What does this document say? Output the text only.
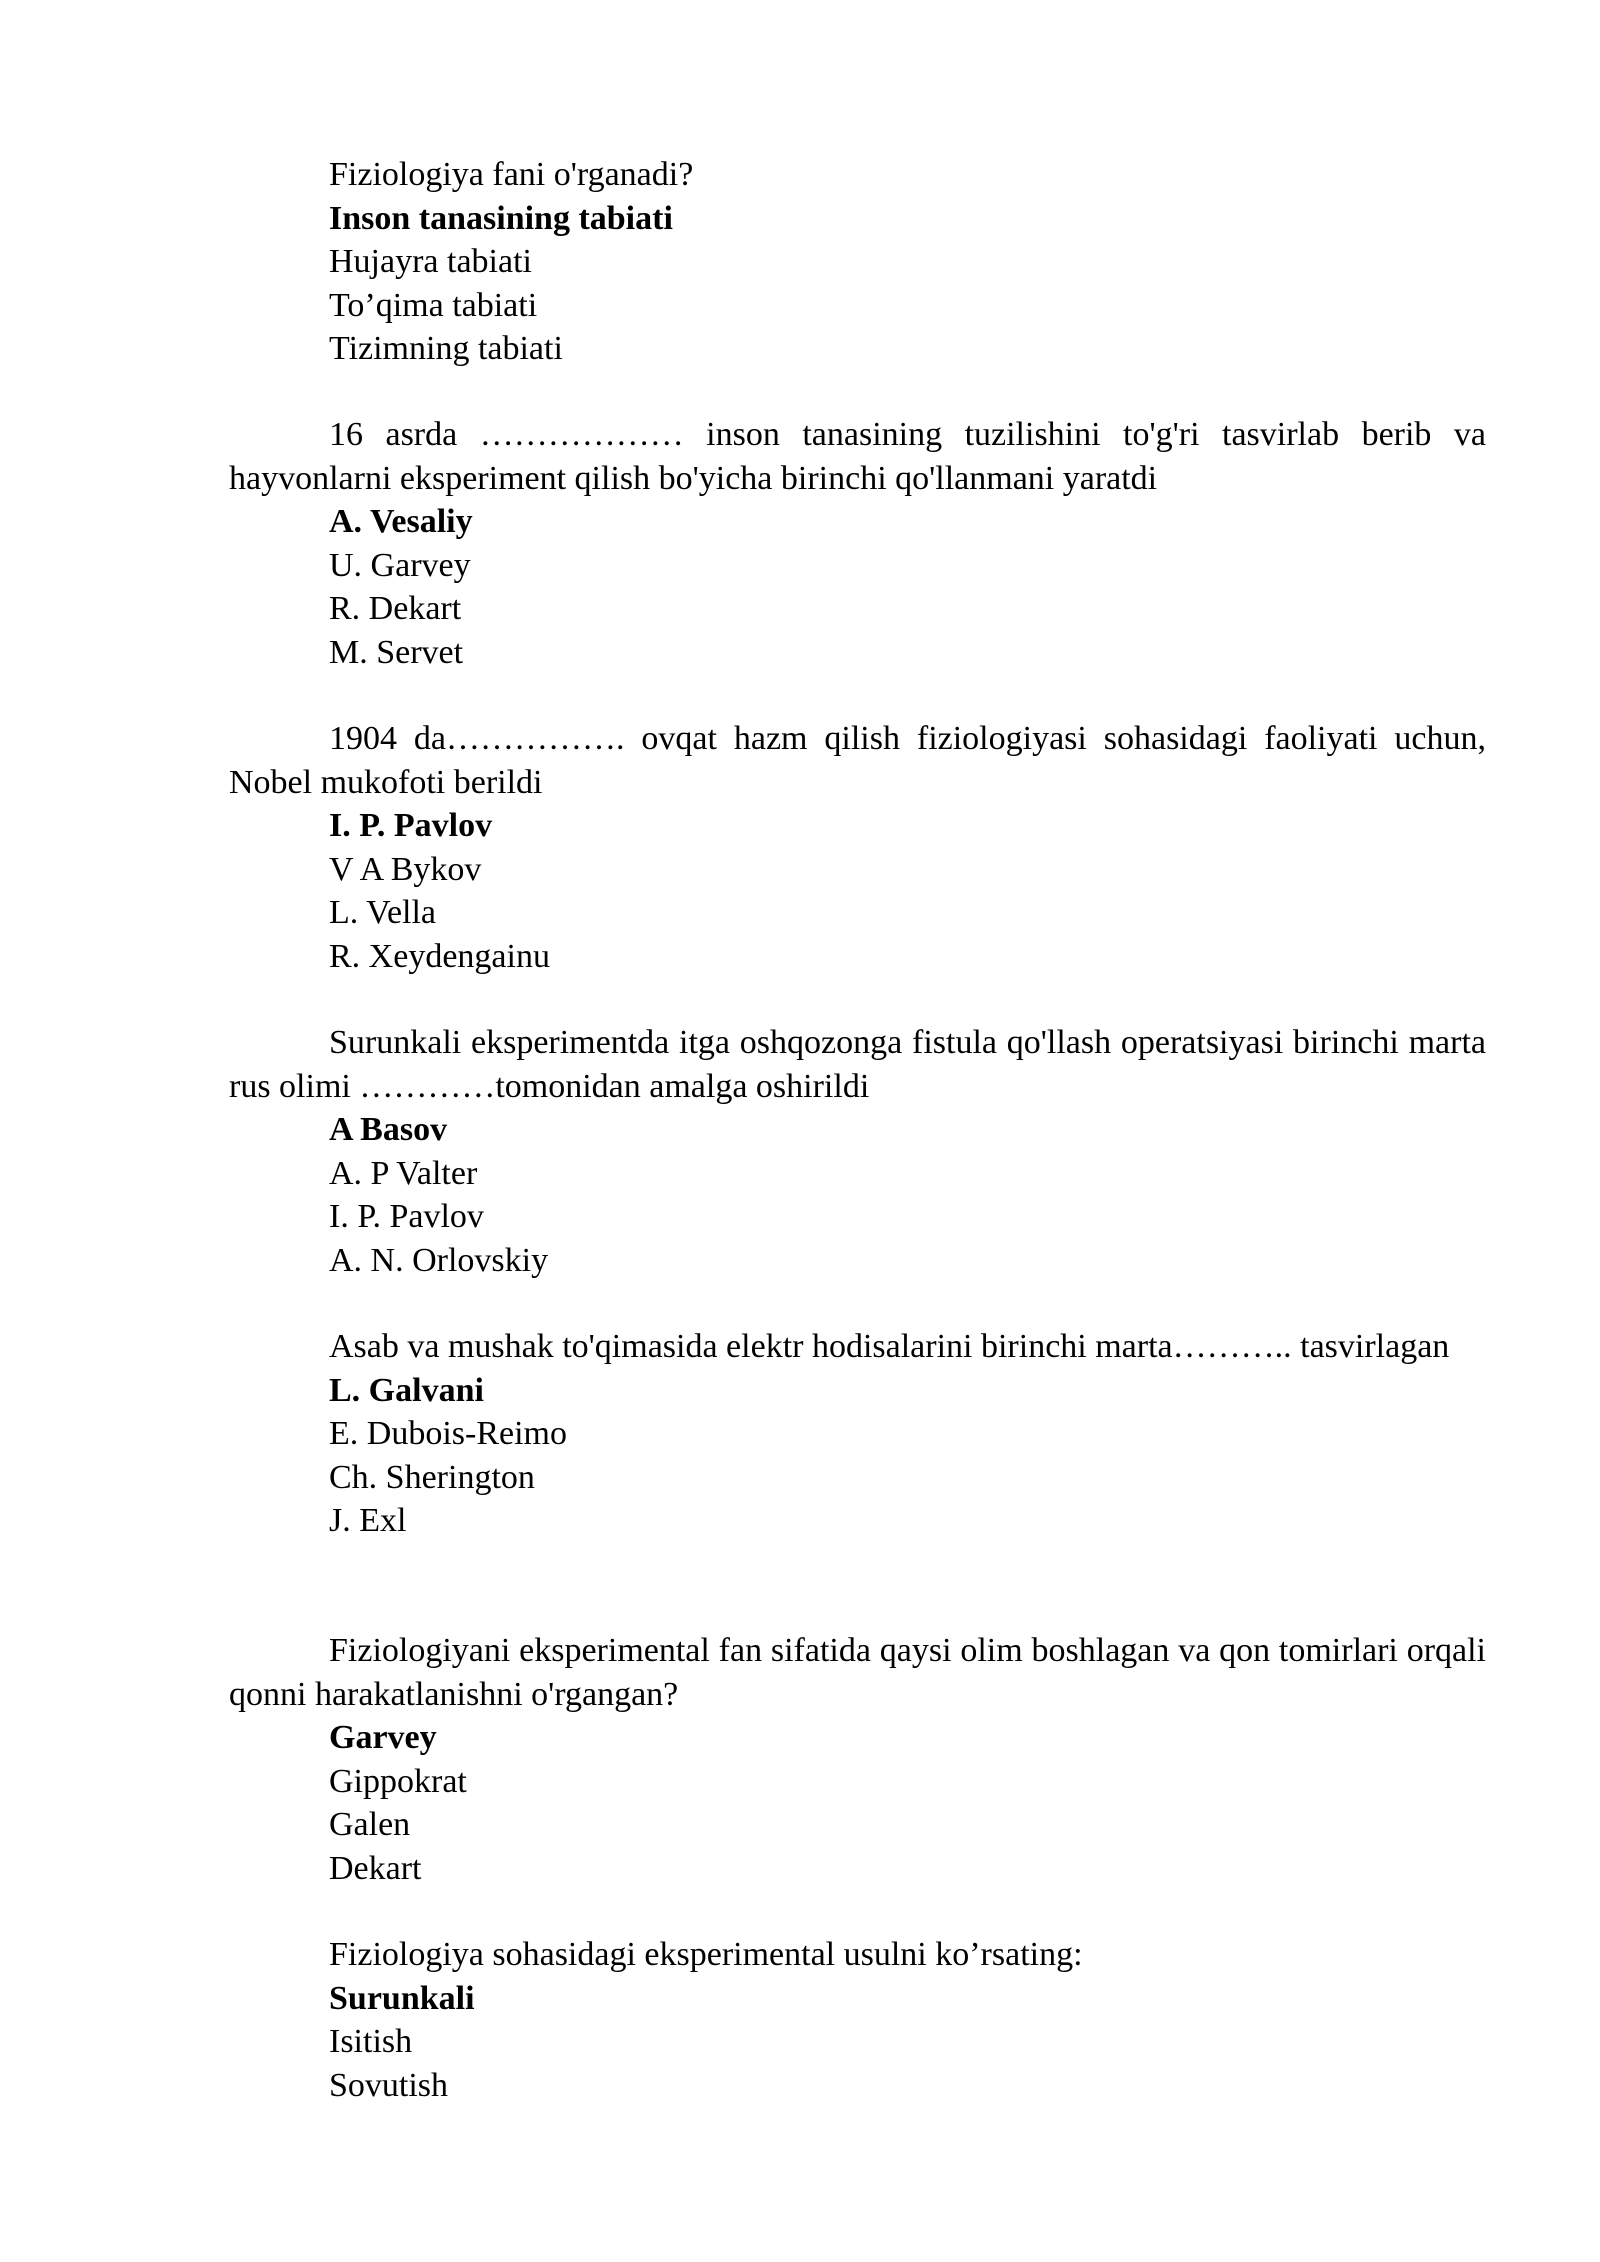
Fiziologiya fani o'rganadi?

Inson tanasining tabiati
Hujayra tabiati
To’qima tabiati
Tizimning tabiati

16 asrda ……………… inson tanasining tuzilishini to'g'ri tasvirlab berib va hayvonlarni eksperiment qilish bo'yicha birinchi qo'llanmani yaratdi

A. Vesaliy
U. Garvey
R. Dekart
M. Servet

1904 da……………. ovqat hazm qilish fiziologiyasi sohasidagi faoliyati uchun, Nobel mukofoti berildi

I. P. Pavlov
V A Bykov
L. Vella
R. Xeydengainu

Surunkali eksperimentda itga oshqozonga fistula qo'llash operatsiyasi birinchi marta rus olimi …………tomonidan amalga oshirildi

A Basov
A. P Valter
I. P. Pavlov
A. N. Orlovskiy

Asab va mushak to'qimasida elektr hodisalarini birinchi marta……….. tasvirlagan

L. Galvani
E. Dubois-Reimo
Ch. Sherington
J. Exl

Fiziologiyani eksperimental fan sifatida qaysi olim boshlagan va qon tomirlari orqali qonni harakatlanishni o'rgangan?

Garvey
Gippokrat
Galen
Dekart

Fiziologiya sohasidagi eksperimental usulni ko’rsating:

Surunkali
Isitish
Sovutish
